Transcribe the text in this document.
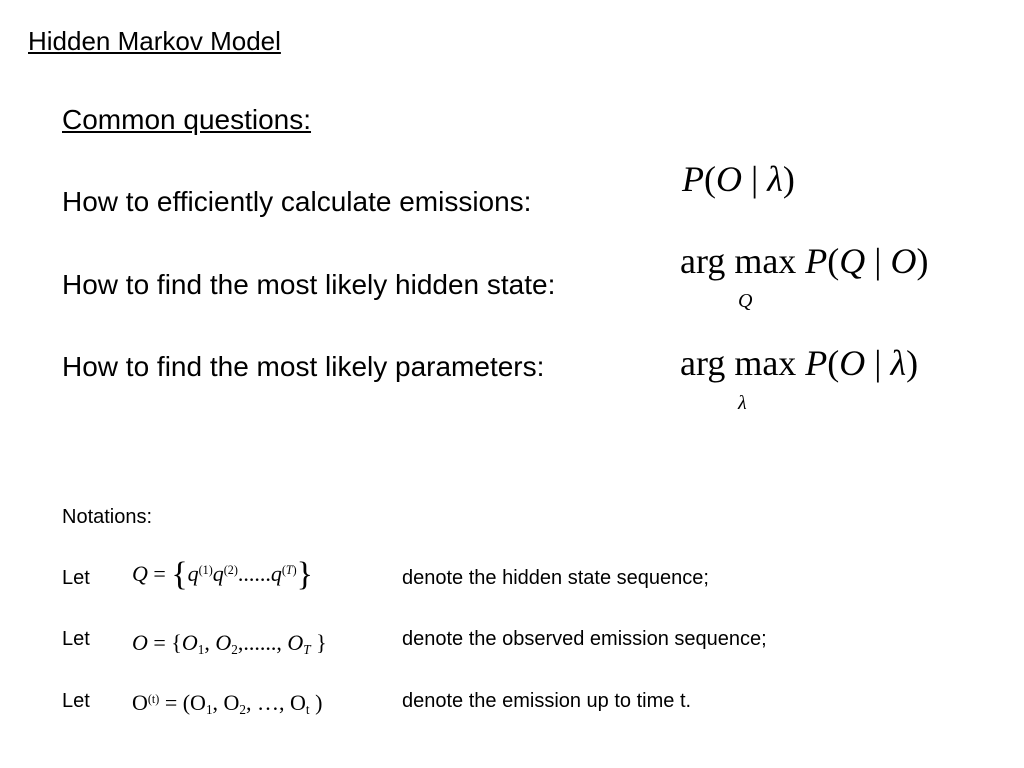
Hidden Markov Model
Common questions:
How to efficiently calculate emissions:
P(O | λ)
How to find the most likely hidden state:
arg max P(Q | O)
Q
How to find the most likely parameters:	arg max P(O | λ)
λ
Notations:
Let $Q = \{q^{(1)}q^{(2)}......q^{(T)}\}$	denote the hidden state sequence;
Let $O = \{O_1$, $O_2$,......, $O_T$ }	denote the observed emission sequence;
Let $O^{(t)} = (O_1$, $O_2$, …, $O_t$ )	denote the emission up to time t.
